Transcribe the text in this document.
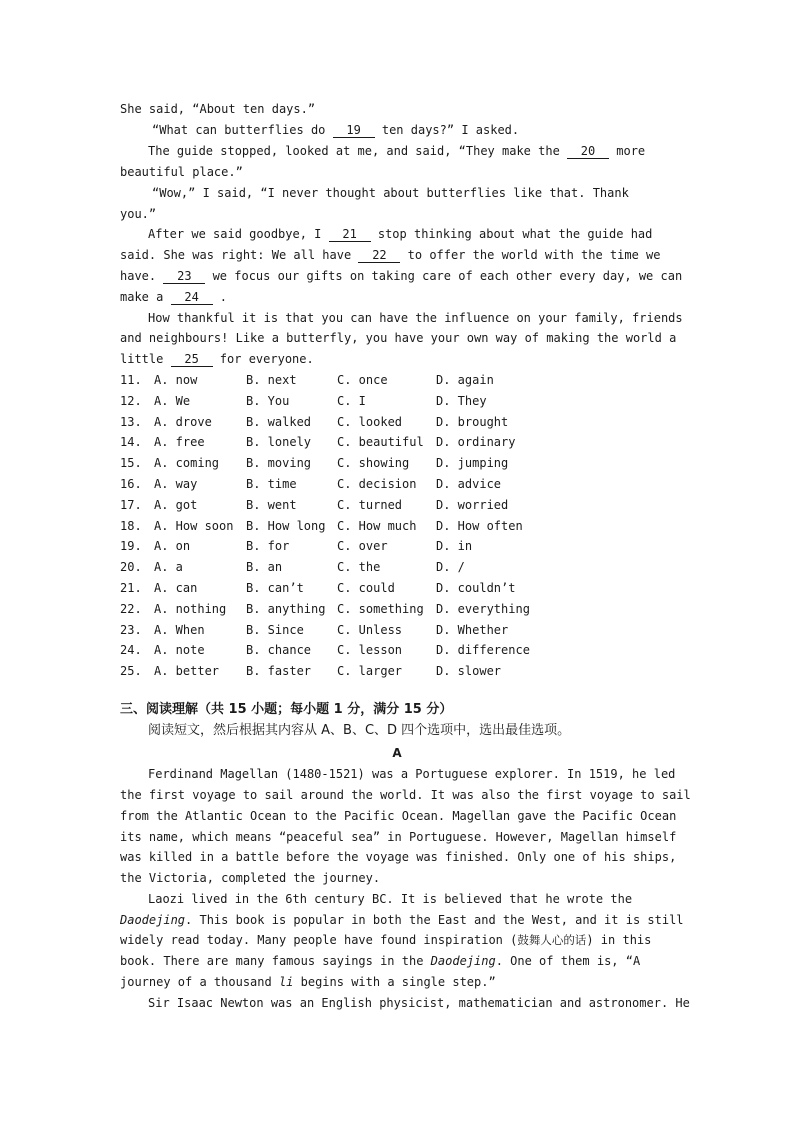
She said, “About ten days.”
“What can butterflies do 19 ten days?” I asked.
The guide stopped, looked at me, and said, “They make the 20 more
beautiful place.”
“Wow,” I said, “I never thought about butterflies like that. Thank
you.”
After we said goodbye, I 21 stop thinking about what the guide had
said. She was right: We all have 22 to offer the world with the time we
have. 23 we focus our gifts on taking care of each other every day, we can
make a 24 .
How thankful it is that you can have the influence on your family, friends
and neighbours! Like a butterfly, you have your own way of making the world a
little 25 for everyone.
11. A. now	B. next	C. once	D. again
12. A. We	B. You	C. I	D. They
13. A. drove	B. walked C. looked	D. brought
14. A. free	B. lonely C. beautiful D. ordinary
15. A. coming B. moving C. showing D. jumping
16. A. way	B. time	C. decision D. advice
17. A. got	B. went	C. turned	D. worried
18. A. How soon B. How long C. How much D. How often
19. A. on	B. for	C. over	D. in
20. A. a	B. an	C. the	D. /
21. A. can	B. can’t	C. could	D. couldn’t
22. A. nothing B. anything C. something D. everything
23. A. When	B. Since	C. Unless	D. Whether
24. A. note	B. chance C. lesson	D. difference
25. A. better B. faster C. larger	D. slower
三、阅读理解（共 15 小题；每小题 1 分，满分 15 分）
阅读短文，然后根据其内容从 A、B、C、D 四个选项中，选出最佳选项。
A
Ferdinand Magellan (1480-1521) was a Portuguese explorer. In 1519, he led
the first voyage to sail around the world. It was also the first voyage to sail
from the Atlantic Ocean to the Pacific Ocean. Magellan gave the Pacific Ocean
its name, which means “peaceful sea” in Portuguese. However, Magellan himself
was killed in a battle before the voyage was finished. Only one of his ships,
the Victoria, completed the journey.
Laozi lived in the 6th century BC. It is believed that he wrote the
Daodejing. This book is popular in both the East and the West, and it is still
widely read today. Many people have found inspiration (鼓舞人心的话) in this
book. There are many famous sayings in the Daodejing. One of them is, “A
journey of a thousand li begins with a single step.”
Sir Isaac Newton was an English physicist, mathematician and astronomer. He
